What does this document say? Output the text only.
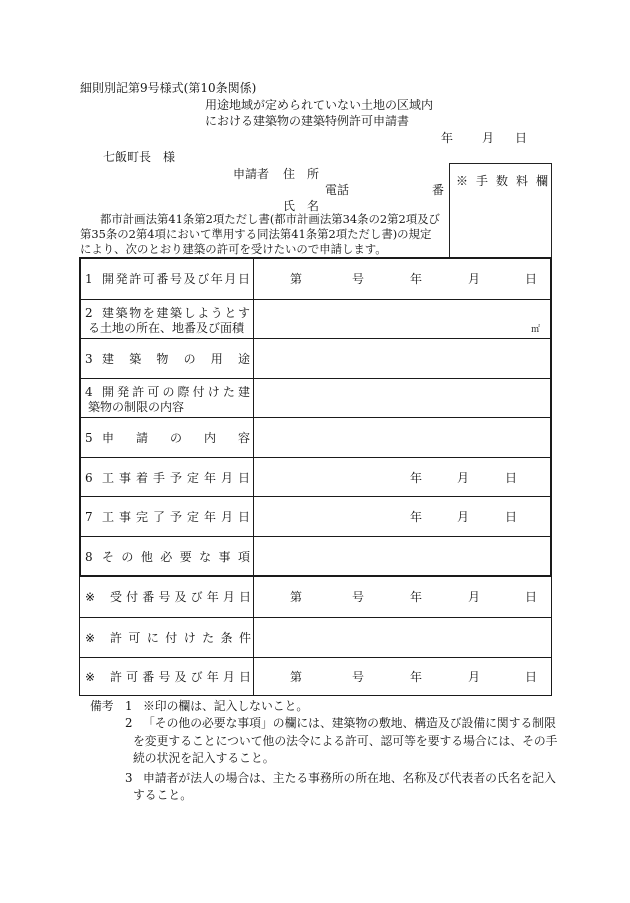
細則別記第9号様式(第10条関係)
用途地域が定められていない土地の区域内
における建築物の建築特例許可申請書
年 月 日
七飯町長　様
申請者 住　所
電話	番
氏　名
※手数料欄
都市計画法第41条第2項ただし書(都市計画法第34条の2第2項及び
第35条の2第4項において準用する同法第41条第2項ただし書)の規定
により、次のとおり建築の許可を受けたいので申請します。
1 開発許可番号及び年月日	第	号	年	月	日
2 建築物を建築しようとす
る土地の所在、地番及び面積	㎡
3 建築物の用途
4 開発許可の際付けた建
築物の制限の内容
5 申請の内容
6 工事着手予定年月日	年	月	日
7 工事完了予定年月日	年	月	日
8 その他必要な事項
※ 受付番号及び年月日	第	号	年	月	日
※ 許可に付けた条件
※ 許可番号及び年月日	第	号	年	月	日
備考 1 ※印の欄は、記入しないこと。
2 「その他の必要な事項」の欄には、建築物の敷地、構造及び設備に関する制限
を変更することについて他の法令による許可、認可等を要する場合には、その手
続の状況を記入すること。
3 申請者が法人の場合は、主たる事務所の所在地、名称及び代表者の氏名を記入
すること。
